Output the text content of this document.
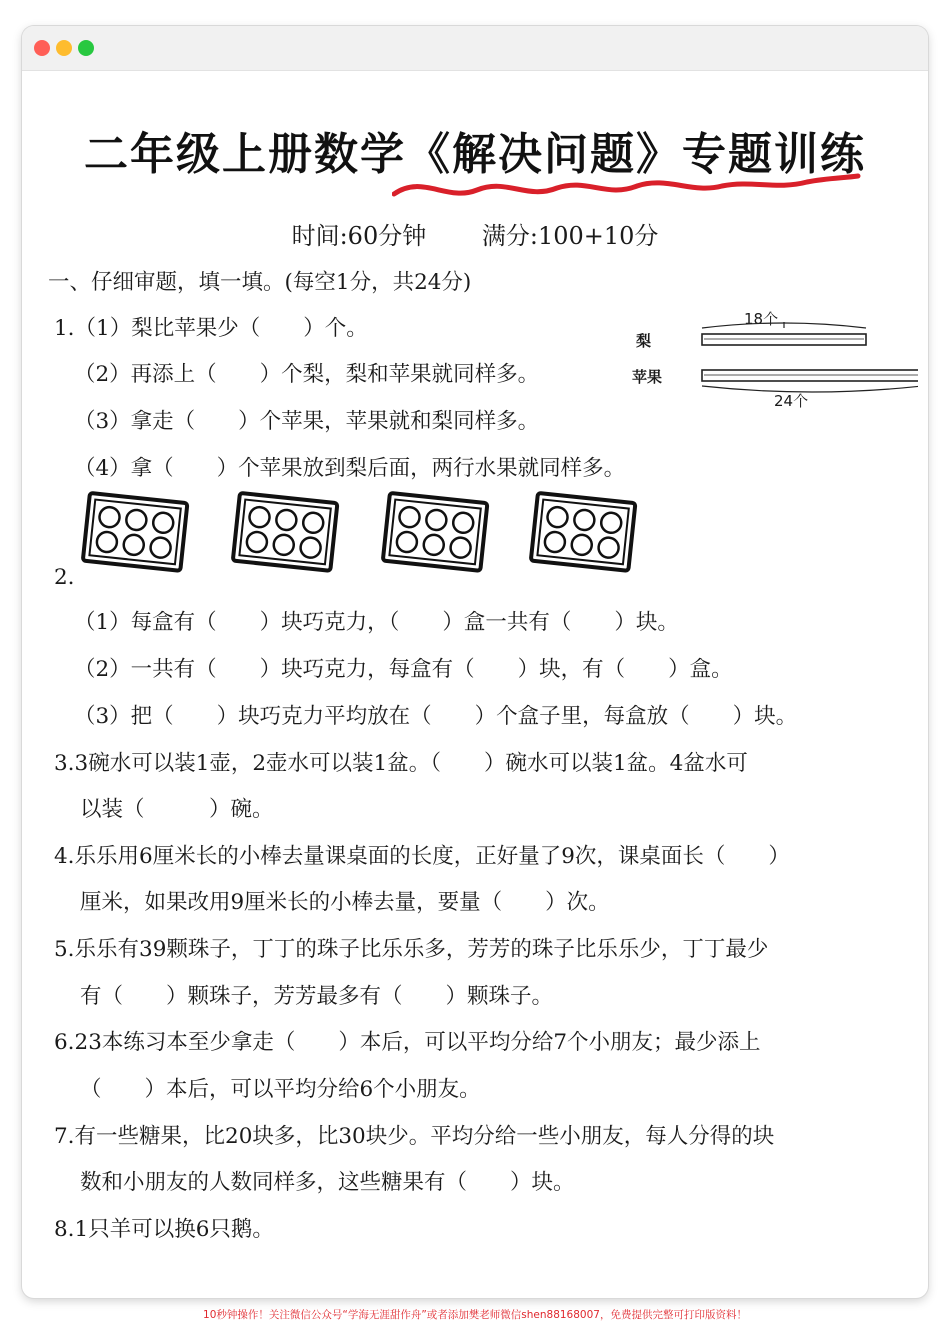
二年级上册数学《解决问题》专题训练
时间:60分钟 满分:100+10分
一、仔细审题，填一填。(每空1分，共24分)
1.（1）梨比苹果少（　　）个。
（2）再添上（　　）个梨，梨和苹果就同样多。
（3）拿走（　　）个苹果，苹果就和梨同样多。
（4）拿（　　）个苹果放到梨后面，两行水果就同样多。
梨
苹果
18个
24个
2.
（1）每盒有（　　）块巧克力，（　　）盒一共有（　　）块。
（2）一共有（　　）块巧克力，每盒有（　　）块，有（　　）盒。
（3）把（　　）块巧克力平均放在（　　）个盒子里，每盒放（　　）块。
3.3碗水可以装1壶，2壶水可以装1盆。（　　）碗水可以装1盆。4盆水可
以装（　　　）碗。
4.乐乐用6厘米长的小棒去量课桌面的长度，正好量了9次，课桌面长（　　）
厘米，如果改用9厘米长的小棒去量，要量（　　）次。
5.乐乐有39颗珠子，丁丁的珠子比乐乐多，芳芳的珠子比乐乐少，丁丁最少
有（　　）颗珠子，芳芳最多有（　　）颗珠子。
6.23本练习本至少拿走（　　）本后，可以平均分给7个小朋友；最少添上
（　　）本后，可以平均分给6个小朋友。
7.有一些糖果，比20块多，比30块少。平均分给一些小朋友，每人分得的块
数和小朋友的人数同样多，这些糖果有（　　）块。
8.1只羊可以换6只鹅。
10秒钟操作！关注微信公众号“学海无涯甜作舟”或者添加樊老师微信shen88168007，免费提供完整可打印版资料！
